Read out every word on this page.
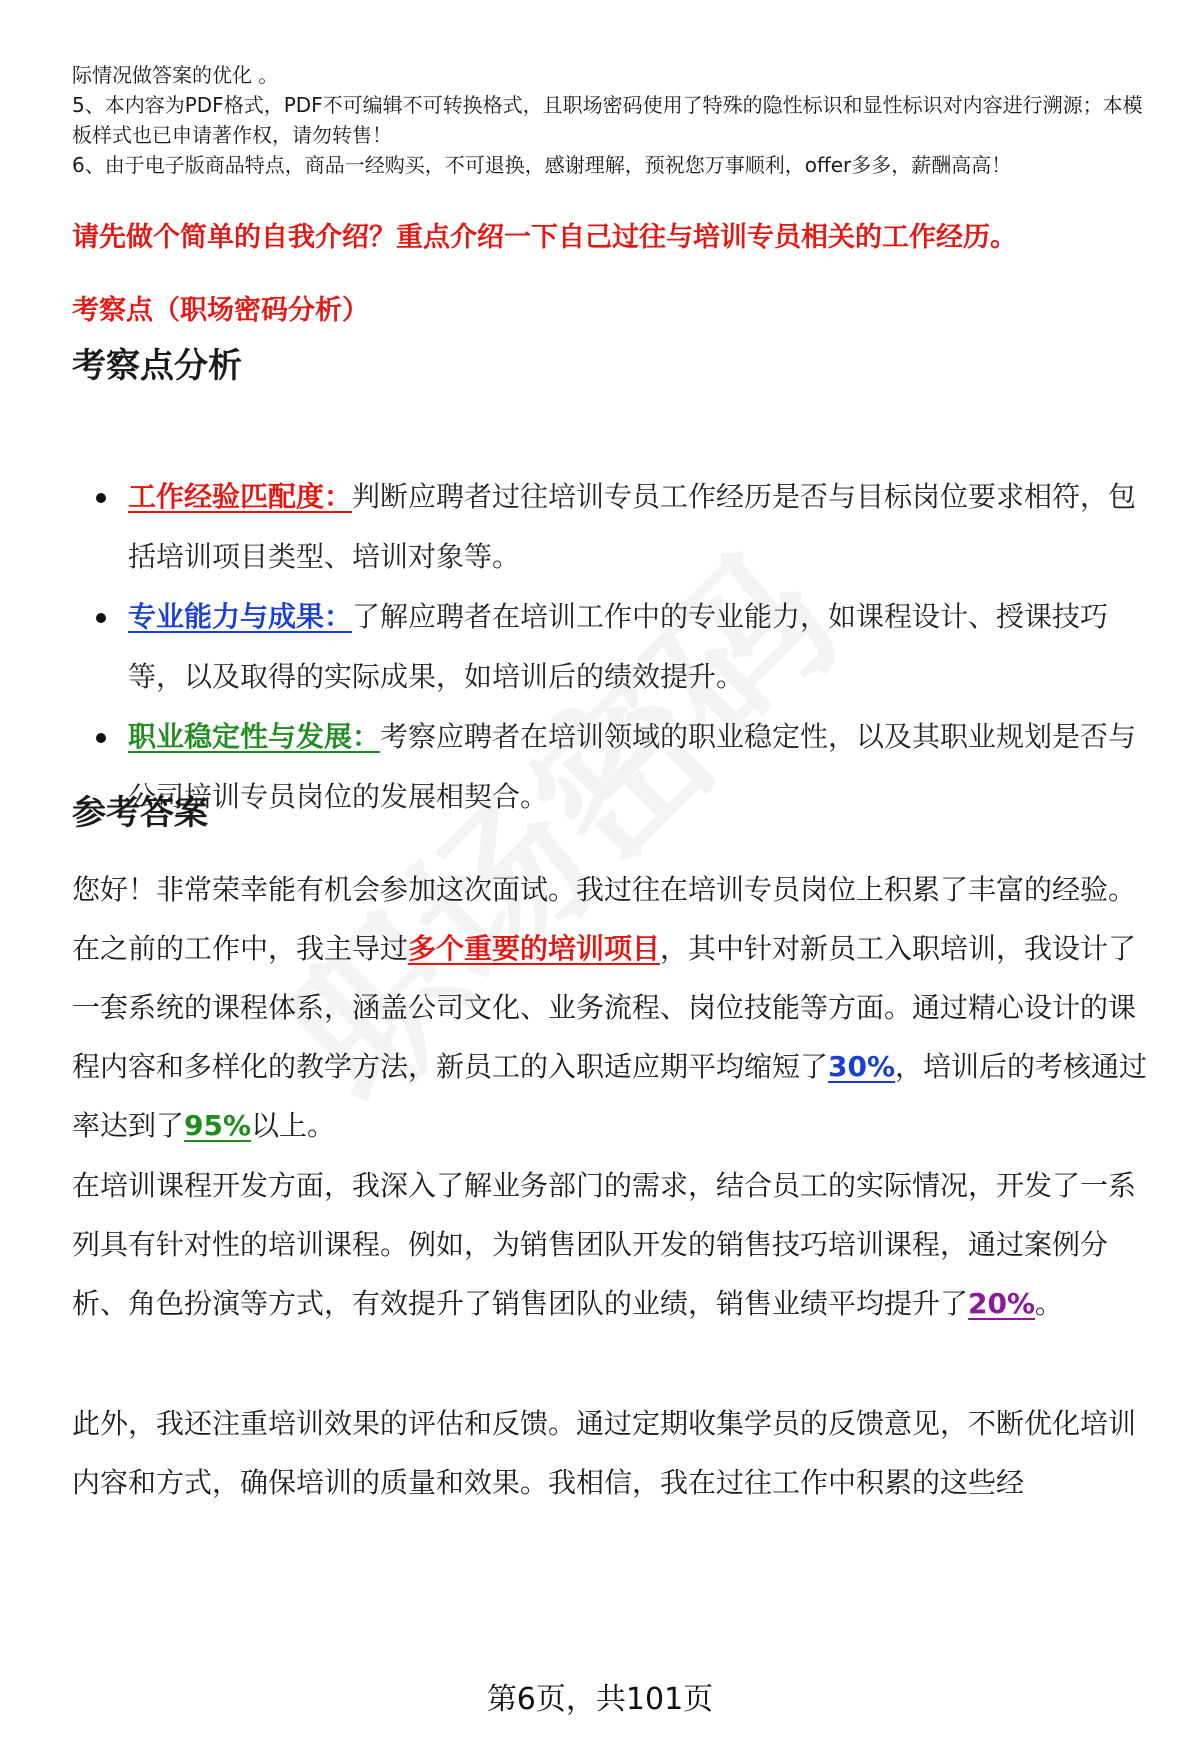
际情况做答案的优化 。

5、本内容为PDF格式，PDF不可编辑不可转换格式，且职场密码使用了特殊的隐性标识和显性标识对内容进行溯源；本模板样式也已申请著作权，请勿转售！

6、由于电子版商品特点，商品一经购买，不可退换，感谢理解，预祝您万事顺利，offer多多，薪酬高高！

请先做个简单的自我介绍？重点介绍一下自己过往与培训专员相关的工作经历。
考察点（职场密码分析）
考察点分析
工作经验匹配度：判断应聘者过往培训专员工作经历是否与目标岗位要求相符，包括培训项目类型、培训对象等。
专业能力与成果：了解应聘者在培训工作中的专业能力，如课程设计、授课技巧等，以及取得的实际成果，如培训后的绩效提升。
职业稳定性与发展：考察应聘者在培训领域的职业稳定性，以及其职业规划是否与公司培训专员岗位的发展相契合。
参考答案

您好！非常荣幸能有机会参加这次面试。我过往在培训专员岗位上积累了丰富的经验。在之前的工作中，我主导过多个重要的培训项目，其中针对新员工入职培训，我设计了一套系统的课程体系，涵盖公司文化、业务流程、岗位技能等方面。通过精心设计的课程内容和多样化的教学方法，新员工的入职适应期平均缩短了30%，培训后的考核通过率达到了95%以上。

在培训课程开发方面，我深入了解业务部门的需求，结合员工的实际情况，开发了一系列具有针对性的培训课程。例如，为销售团队开发的销售技巧培训课程，通过案例分析、角色扮演等方式，有效提升了销售团队的业绩，销售业绩平均提升了20%。

此外，我还注重培训效果的评估和反馈。通过定期收集学员的反馈意见，不断优化培训内容和方式，确保培训的质量和效果。我相信，我在过往工作中积累的这些经

第6页，共101页
